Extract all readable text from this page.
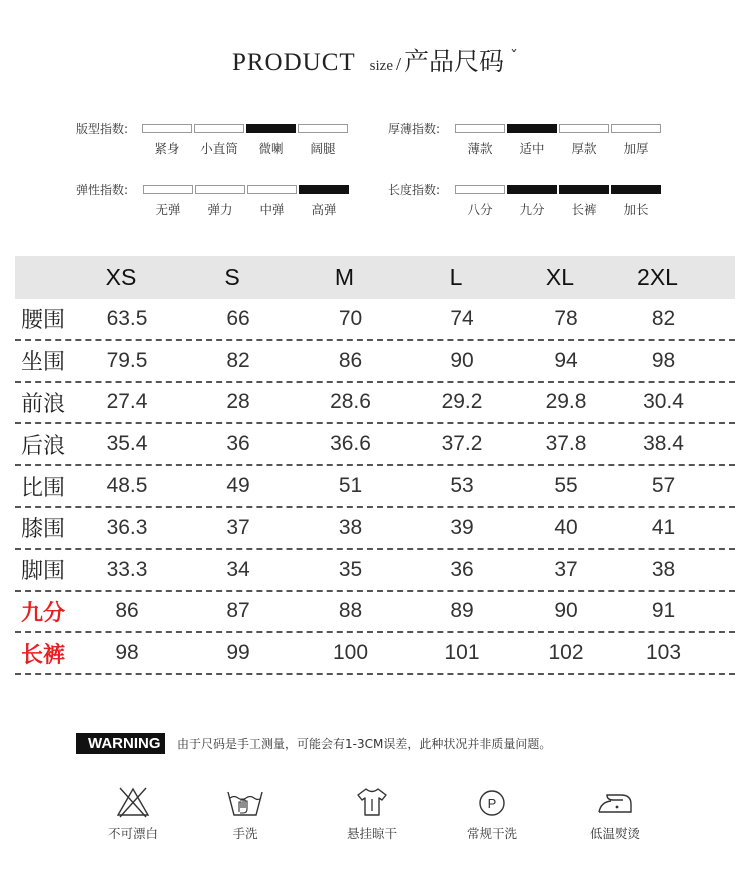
PRODUCT size / 产品尺码 ˇ
版型指数:
紧身	小直筒	微喇	阔腿
厚薄指数:
薄款	适中	厚款	加厚
弹性指数:
无弹	弹力	中弹	高弹
长度指数:
八分	九分	长裤	加长
XS	S	M	L	XL	2XL
腰围	63.5	66	70	74	78	82
坐围	79.5	82	86	90	94	98
前浪	27.4	28	28.6	29.2	29.8	30.4
后浪	35.4	36	36.6	37.2	37.8	38.4
比围	48.5	49	51	53	55	57
膝围	36.3	37	38	39	40	41
脚围	33.3	34	35	36	37	38
九分	86	87	88	89	90	91
长裤	98	99	100	101	102	103
WARNING	由于尺码是手工测量，可能会有1-3CM误差，此种状况并非质量问题。
不可漂白	手洗	悬挂晾干
P
常规干洗	低温熨烫
